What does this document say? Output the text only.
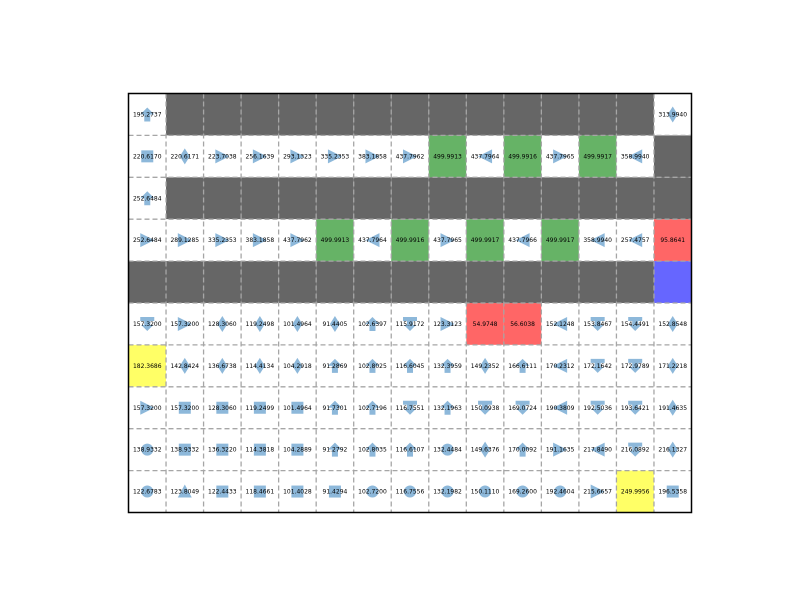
195.2737	313.9940
220.6170 220.6171 223.7038 256.1639 293.1323 335.2353 383.1858 437.7962 499.9913 437.7964 499.9916 437.7965 499.9917 358.9940
252.6484
252.6484 289.1285 335.2353 383.1858 437.7962 499.9913 437.7964 499.9916 437.7965 499.9917 437.7966 499.9917 358.9940 257.4757 95.8641
157.3200 157.3200 128.3060 119.2498 101.4964 91.4405 102.6397 115.9172 123.3123 54.9748 56.6038 152.1248 153.8467 154.4491 152.8548
182.3686 142.8424 136.6738 114.4134 104.2918 91.2869 102.8025 116.6045 132.3959 149.2352 166.6111 170.2312 172.1642 172.9789 171.2218
157.3200 157.3200 128.3060 119.2499 101.4964 91.7301 102.7196 116.7551 132.1963 150.0938 169.0724 190.3809 192.5036 193.6421 191.4635
138.9332 138.9332 136.3220 114.3818 104.2889 91.2792 102.8035 116.6107 132.4484 149.6376 170.0092 191.1635 217.8490 216.0892 216.1327
122.6783 123.8049 122.4433 118.4661 101.4028 91.4294 102.7200 116.7556 132.1982 150.1110 169.2600 192.4604 215.6657 249.9956 196.5358
